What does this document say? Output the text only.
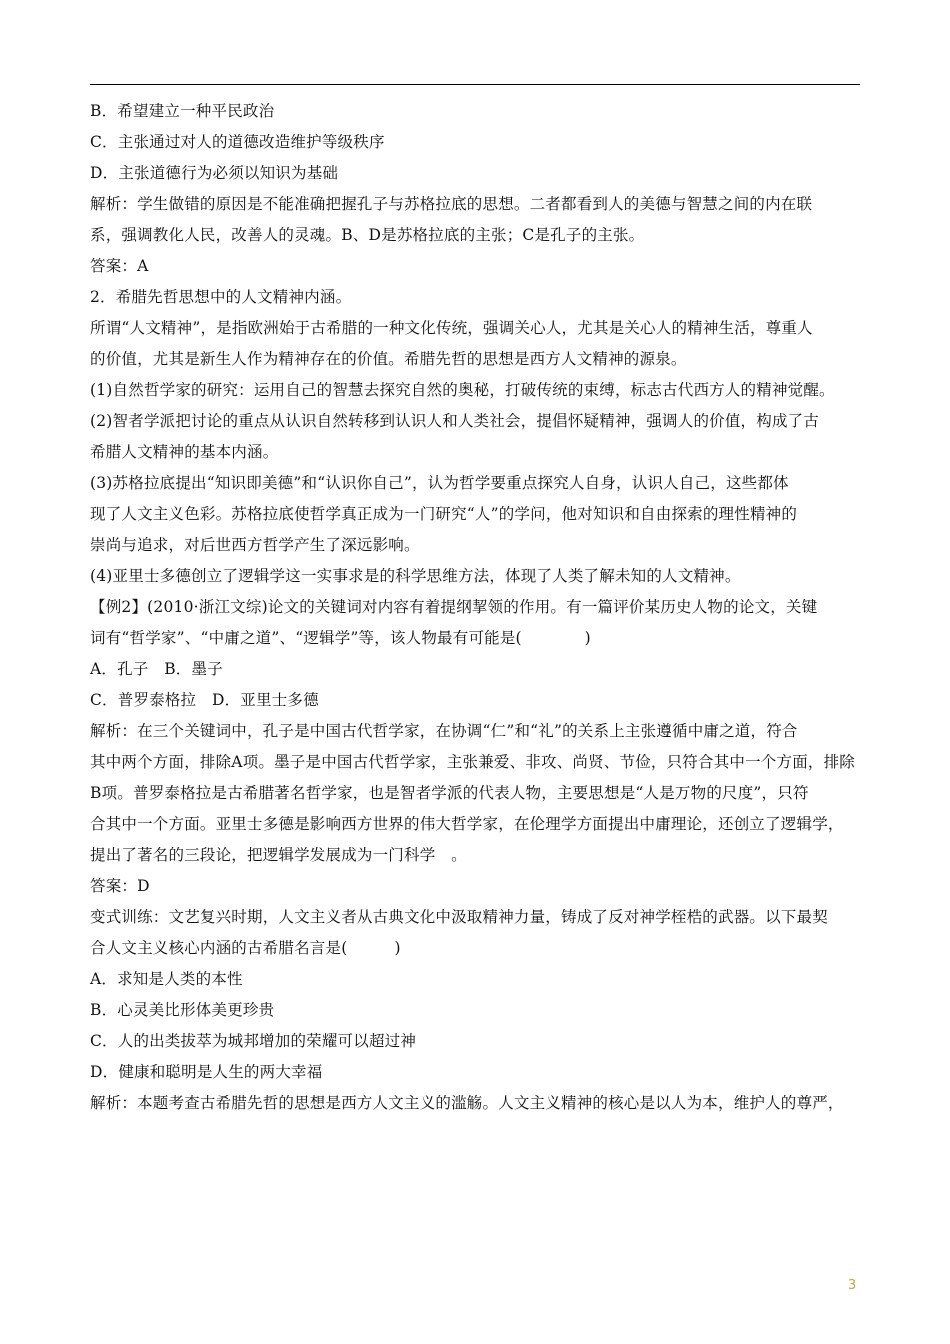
B．希望建立一种平民政治

C．主张通过对人的道德改造维护等级秩序

D．主张道德行为必须以知识为基础

解析：学生做错的原因是不能准确把握孔子与苏格拉底的思想。二者都看到人的美德与智慧之间的内在联

系，强调教化人民，改善人的灵魂。B、D是苏格拉底的主张；C是孔子的主张。

答案：A

2．希腊先哲思想中的人文精神内涵。

所谓“人文精神”，是指欧洲始于古希腊的一种文化传统，强调关心人，尤其是关心人的精神生活，尊重人

的价值，尤其是新生人作为精神存在的价值。希腊先哲的思想是西方人文精神的源泉。

(1)自然哲学家的研究：运用自己的智慧去探究自然的奥秘，打破传统的束缚，标志古代西方人的精神觉醒。

(2)智者学派把讨论的重点从认识自然转移到认识人和人类社会，提倡怀疑精神，强调人的价值，构成了古

希腊人文精神的基本内涵。

(3)苏格拉底提出“知识即美德”和“认识你自己”，认为哲学要重点探究人自身，认识人自己，这些都体

现了人文主义色彩。苏格拉底使哲学真正成为一门研究“人”的学问，他对知识和自由探索的理性精神的

崇尚与追求，对后世西方哲学产生了深远影响。

(4)亚里士多德创立了逻辑学这一实事求是的科学思维方法，体现了人类了解未知的人文精神。

【例2】(2010·浙江文综)论文的关键词对内容有着提纲挈领的作用。有一篇评价某历史人物的论文，关键

词有“哲学家”、“中庸之道”、“逻辑学”等，该人物最有可能是(　　　　)

A．孔子　B．墨子

C．普罗泰格拉　D．亚里士多德

解析：在三个关键词中，孔子是中国古代哲学家，在协调“仁”和“礼”的关系上主张遵循中庸之道，符合

其中两个方面，排除A项。墨子是中国古代哲学家，主张兼爱、非攻、尚贤、节俭，只符合其中一个方面，排除

B项。普罗泰格拉是古希腊著名哲学家，也是智者学派的代表人物，主要思想是“人是万物的尺度”，只符

合其中一个方面。亚里士多德是影响西方世界的伟大哲学家，在伦理学方面提出中庸理论，还创立了逻辑学，

提出了著名的三段论，把逻辑学发展成为一门科学　。

答案：D

变式训练：文艺复兴时期，人文主义者从古典文化中汲取精神力量，铸成了反对神学桎梏的武器。以下最契

合人文主义核心内涵的古希腊名言是(　　　)

A．求知是人类的本性

B．心灵美比形体美更珍贵

C．人的出类拔萃为城邦增加的荣耀可以超过神

D．健康和聪明是人生的两大幸福

解析：本题考查古希腊先哲的思想是西方人文主义的滥觞。人文主义精神的核心是以人为本，维护人的尊严，

3
